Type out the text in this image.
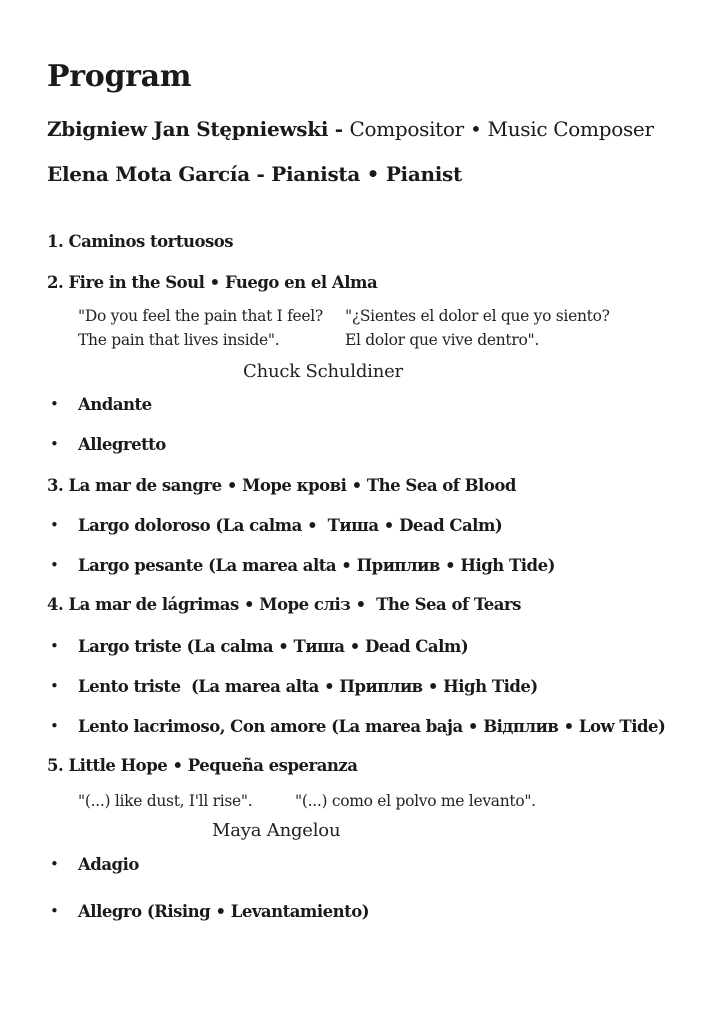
Program

Zbigniew Jan Stępniewski - Compositor • Music Composer

Elena Mota García - Pianista • Pianist

1. Caminos tortuosos

2. Fire in the Soul • Fuego en el Alma

"Do you feel the pain that I feel?
The pain that lives inside".
"¿Sientes el dolor el que yo siento?
El dolor que vive dentro".

Chuck Schuldiner

•	Andante
•	Allegretto

3. La mar de sangre • Море крові • The Sea of Blood

•	Largo doloroso (La calma •  Тиша • Dead Calm)
•	Largo pesante (La marea alta • Приплив • High Tide)

4. La mar de lágrimas • Море сліз •  The Sea of Tears

•	Largo triste (La calma • Тиша • Dead Calm)
•	Lento triste  (La marea alta • Приплив • High Tide)
•	Lento lacrimoso, Con amore (La marea baja • Відплив • Low Tide)

5. Little Hope • Pequeña esperanza

"(...) like dust, I'll rise".	"(...) como el polvo me levanto".

Maya Angelou

•	Adagio
•	Allegro (Rising • Levantamiento)
